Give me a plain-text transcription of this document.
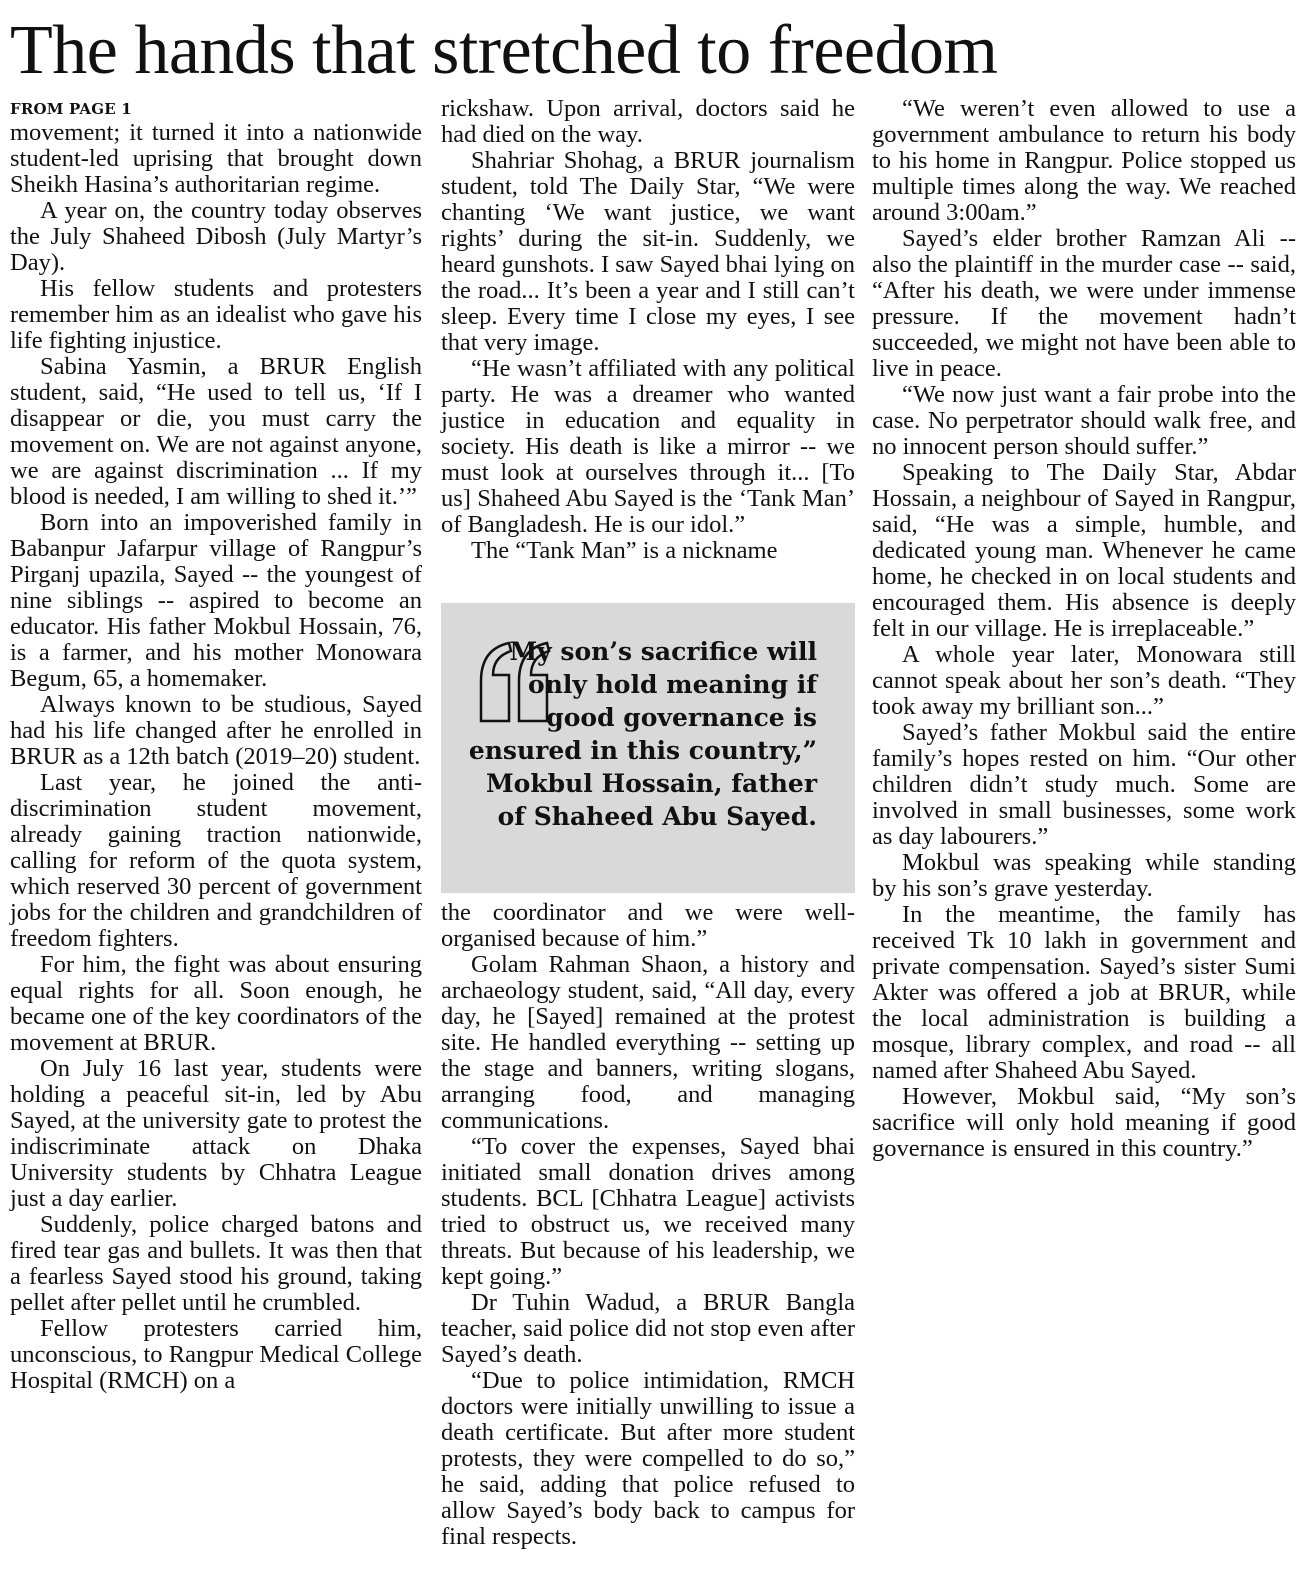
The hands that stretched to freedom
FROM PAGE 1

movement; it turned it into a nationwide student-led uprising that brought down Sheikh Hasina’s authoritarian regime.

A year on, the country today observes the July Shaheed Dibosh (July Martyr’s Day).

His fellow students and protesters remember him as an idealist who gave his life fighting injustice.

Sabina Yasmin, a BRUR English student, said, “He used to tell us, ‘If I disappear or die, you must carry the movement on. We are not against anyone, we are against discrimination ... If my blood is needed, I am willing to shed it.’”

Born into an impoverished family in Babanpur Jafarpur village of Rangpur’s Pirganj upazila, Sayed -- the youngest of nine siblings -- aspired to become an educator. His father Mokbul Hossain, 76, is a farmer, and his mother Monowara Begum, 65, a homemaker.

Always known to be studious, Sayed had his life changed after he enrolled in BRUR as a 12th batch (2019–20) student.

Last year, he joined the anti-discrimination student movement, already gaining traction nationwide, calling for reform of the quota system, which reserved 30 percent of government jobs for the children and grandchildren of freedom fighters.

For him, the fight was about ensuring equal rights for all. Soon enough, he became one of the key coordinators of the movement at BRUR.

On July 16 last year, students were holding a peaceful sit-in, led by Abu Sayed, at the university gate to protest the indiscriminate attack on Dhaka University students by Chhatra League just a day earlier.

Suddenly, police charged batons and fired tear gas and bullets. It was then that a fearless Sayed stood his ground, taking pellet after pellet until he crumbled.

Fellow protesters carried him, unconscious, to Rangpur Medical College Hospital (RMCH) on a

rickshaw. Upon arrival, doctors said he had died on the way.

Shahriar Shohag, a BRUR journalism student, told The Daily Star, “We were chanting ‘We want justice, we want rights’ during the sit-in. Suddenly, we heard gunshots. I saw Sayed bhai lying on the road... It’s been a year and I still can’t sleep. Every time I close my eyes, I see that very image.

“He wasn’t affiliated with any political party. He was a dreamer who wanted justice in education and equality in society. His death is like a mirror -- we must look at ourselves through it... [To us] Shaheed Abu Sayed is the ‘Tank Man’ of Bangladesh. He is our idol.”

The “Tank Man” is a nickname

My son’s sacrifice will only hold meaning if good governance is ensured in this country,”
Mokbul Hossain, father of Shaheed Abu Sayed.

the coordinator and we were well-organised because of him.”

Golam Rahman Shaon, a history and archaeology student, said, “All day, every day, he [Sayed] remained at the protest site. He handled everything -- setting up the stage and banners, writing slogans, arranging food, and managing communications.

“To cover the expenses, Sayed bhai initiated small donation drives among students. BCL [Chhatra League] activists tried to obstruct us, we received many threats. But because of his leadership, we kept going.”

Dr Tuhin Wadud, a BRUR Bangla teacher, said police did not stop even after Sayed’s death.

“Due to police intimidation, RMCH doctors were initially unwilling to issue a death certificate. But after more student protests, they were compelled to do so,” he said, adding that police refused to allow Sayed’s body back to campus for final respects.

“We weren’t even allowed to use a government ambulance to return his body to his home in Rangpur. Police stopped us multiple times along the way. We reached around 3:00am.”

Sayed’s elder brother Ramzan Ali -- also the plaintiff in the murder case -- said, “After his death, we were under immense pressure. If the movement hadn’t succeeded, we might not have been able to live in peace.

“We now just want a fair probe into the case. No perpetrator should walk free, and no innocent person should suffer.”

Speaking to The Daily Star, Abdar Hossain, a neighbour of Sayed in Rangpur, said, “He was a simple, humble, and dedicated young man. Whenever he came home, he checked in on local students and encouraged them. His absence is deeply felt in our village. He is irreplaceable.”

A whole year later, Monowara still cannot speak about her son’s death. “They took away my brilliant son...”

Sayed’s father Mokbul said the entire family’s hopes rested on him. “Our other children didn’t study much. Some are involved in small businesses, some work as day labourers.”

Mokbul was speaking while standing by his son’s grave yesterday.

In the meantime, the family has received Tk 10 lakh in government and private compensation. Sayed’s sister Sumi Akter was offered a job at BRUR, while the local administration is building a mosque, library complex, and road -- all named after Shaheed Abu Sayed.

However, Mokbul said, “My son’s sacrifice will only hold meaning if good governance is ensured in this country.”
